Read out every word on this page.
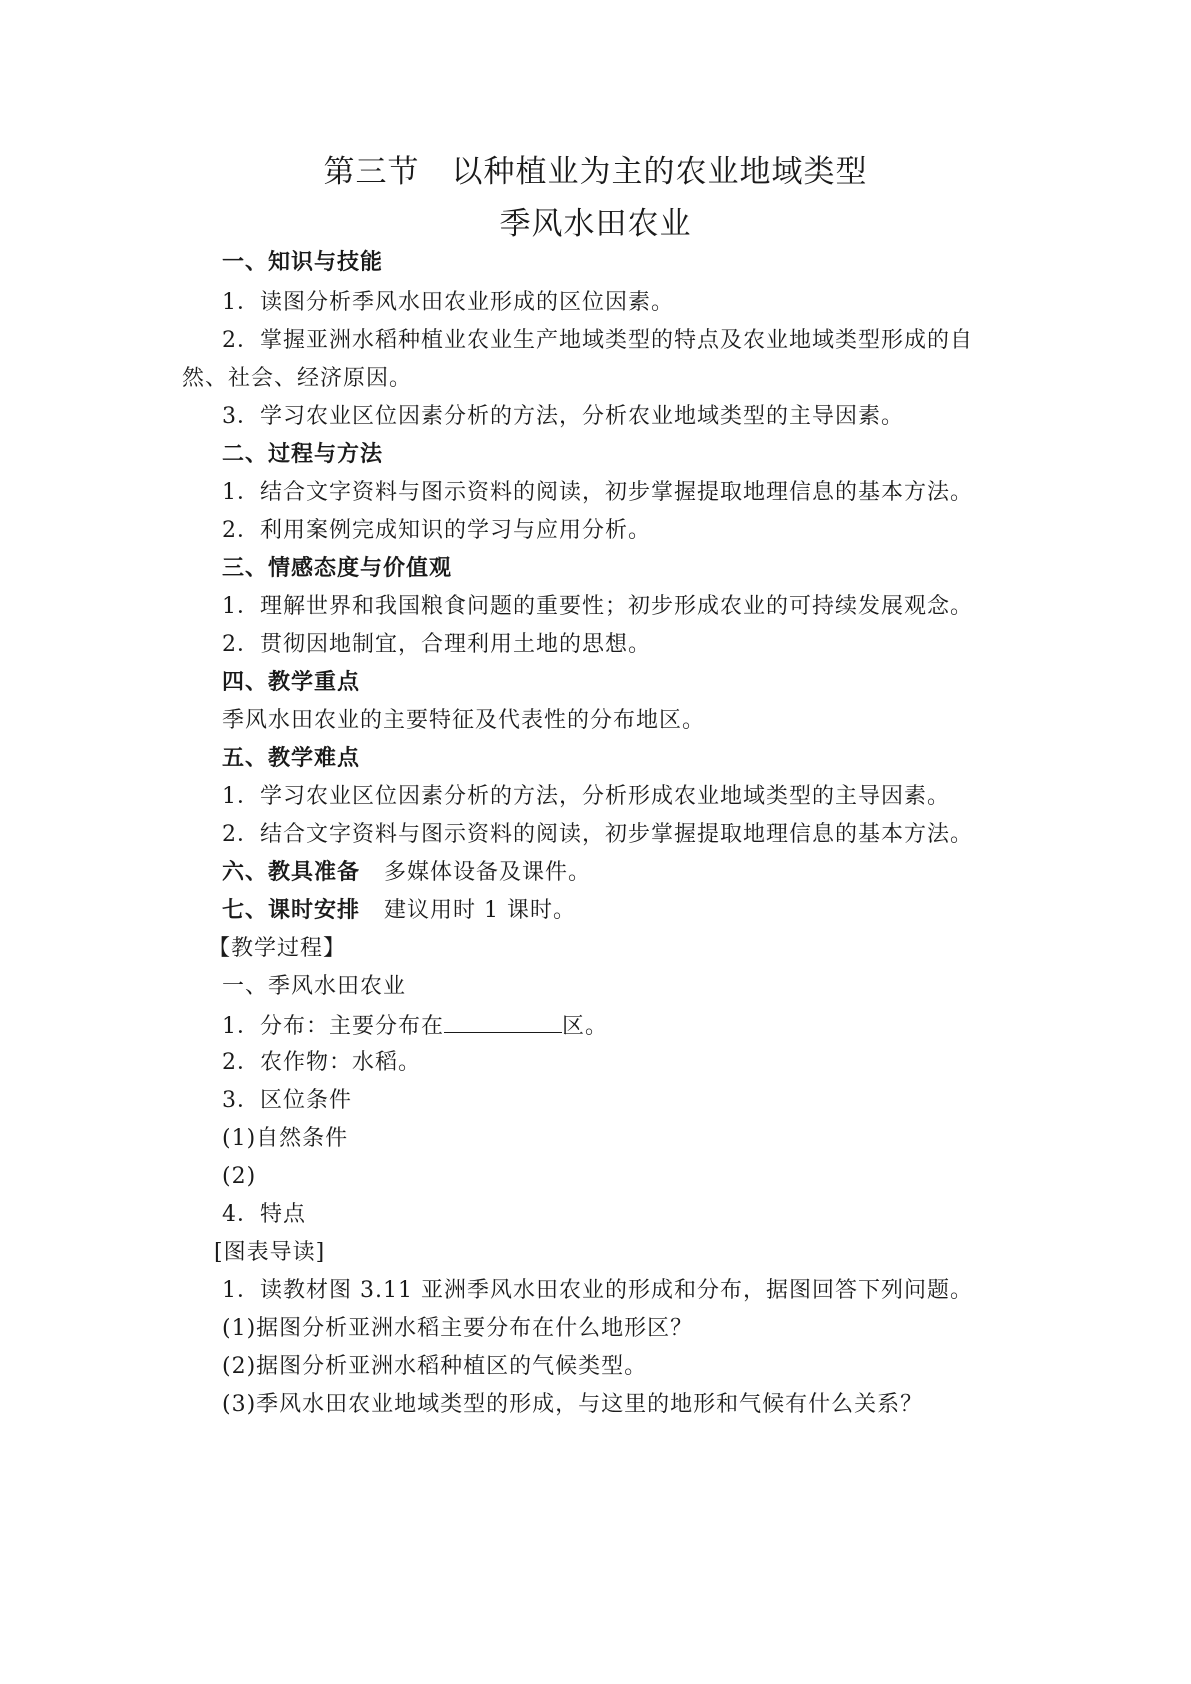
第三节　以种植业为主的农业地域类型
季风水田农业
一、知识与技能
1．读图分析季风水田农业形成的区位因素。
2．掌握亚洲水稻种植业农业生产地域类型的特点及农业地域类型形成的自
然、社会、经济原因。
3．学习农业区位因素分析的方法，分析农业地域类型的主导因素。
二、过程与方法
1．结合文字资料与图示资料的阅读，初步掌握提取地理信息的基本方法。
2．利用案例完成知识的学习与应用分析。
三、情感态度与价值观
1．理解世界和我国粮食问题的重要性；初步形成农业的可持续发展观念。
2．贯彻因地制宜，合理利用土地的思想。
四、教学重点
季风水田农业的主要特征及代表性的分布地区。
五、教学难点
1．学习农业区位因素分析的方法，分析形成农业地域类型的主导因素。
2．结合文字资料与图示资料的阅读，初步掌握提取地理信息的基本方法。
六、教具准备 多媒体设备及课件。
七、课时安排 建议用时 1 课时。
【教学过程】
一、季风水田农业
1．分布：主要分布在	区。
2．农作物：水稻。
3．区位条件
(1)自然条件
(2)
4．特点
[图表导读]
1．读教材图 3.11 亚洲季风水田农业的形成和分布，据图回答下列问题。
(1)据图分析亚洲水稻主要分布在什么地形区？
(2)据图分析亚洲水稻种植区的气候类型。
(3)季风水田农业地域类型的形成，与这里的地形和气候有什么关系？
